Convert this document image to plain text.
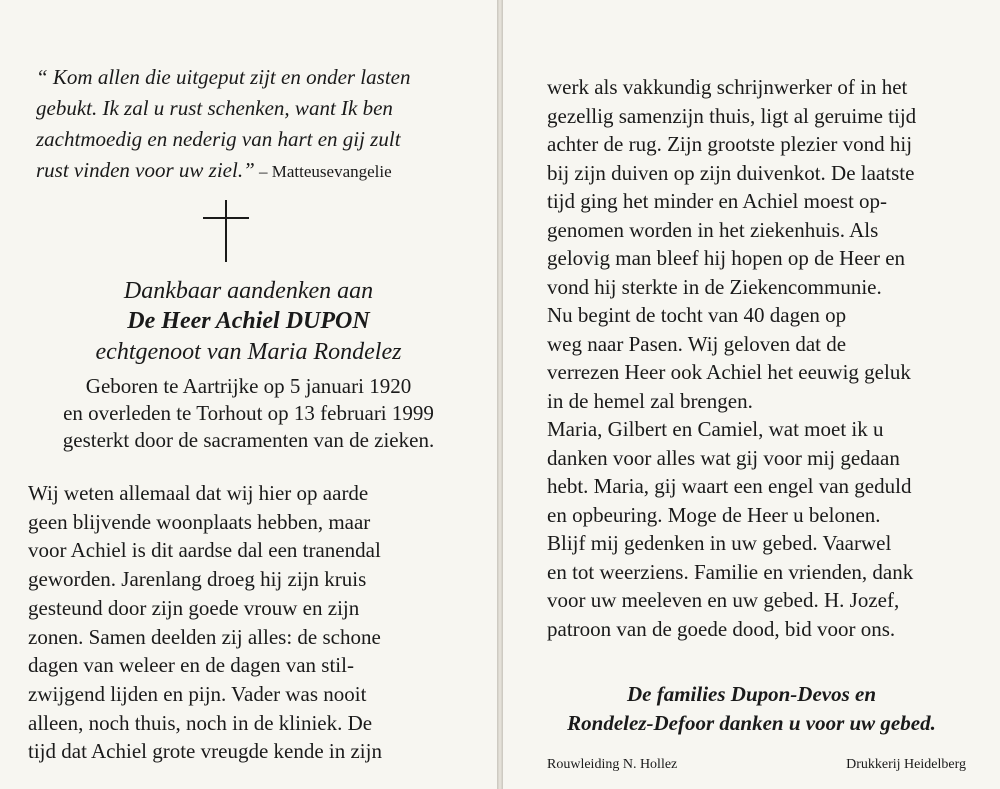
“ Kom allen die uitgeput zijt en onder lasten
gebukt. Ik zal u rust schenken, want Ik ben
zachtmoedig en nederig van hart en gij zult
rust vinden voor uw ziel.” – Matteusevangelie
Dankbaar aandenken aan
De Heer Achiel DUPON
echtgenoot van Maria Rondelez
Geboren te Aartrijke op 5 januari 1920
en overleden te Torhout op 13 februari 1999
gesterkt door de sacramenten van de zieken.
Wij weten allemaal dat wij hier op aarde
geen blijvende woonplaats hebben, maar
voor Achiel is dit aardse dal een tranendal
geworden. Jarenlang droeg hij zijn kruis
gesteund door zijn goede vrouw en zijn
zonen. Samen deelden zij alles: de schone
dagen van weleer en de dagen van stil-
zwijgend lijden en pijn. Vader was nooit
alleen, noch thuis, noch in de kliniek. De
tijd dat Achiel grote vreugde kende in zijn
werk als vakkundig schrijnwerker of in het
gezellig samenzijn thuis, ligt al geruime tijd
achter de rug. Zijn grootste plezier vond hij
bij zijn duiven op zijn duivenkot. De laatste
tijd ging het minder en Achiel moest op-
genomen worden in het ziekenhuis. Als
gelovig man bleef hij hopen op de Heer en
vond hij sterkte in de Ziekencommunie.
Nu begint de tocht van 40 dagen op
weg naar Pasen. Wij geloven dat de
verrezen Heer ook Achiel het eeuwig geluk
in de hemel zal brengen.
Maria, Gilbert en Camiel, wat moet ik u
danken voor alles wat gij voor mij gedaan
hebt. Maria, gij waart een engel van geduld
en opbeuring. Moge de Heer u belonen.
Blijf mij gedenken in uw gebed. Vaarwel
en tot weerziens. Familie en vrienden, dank
voor uw meeleven en uw gebed. H. Jozef,
patroon van de goede dood, bid voor ons.
De families Dupon-Devos en
Rondelez-Defoor danken u voor uw gebed.
Rouwleiding N. Hollez	Drukkerij Heidelberg
